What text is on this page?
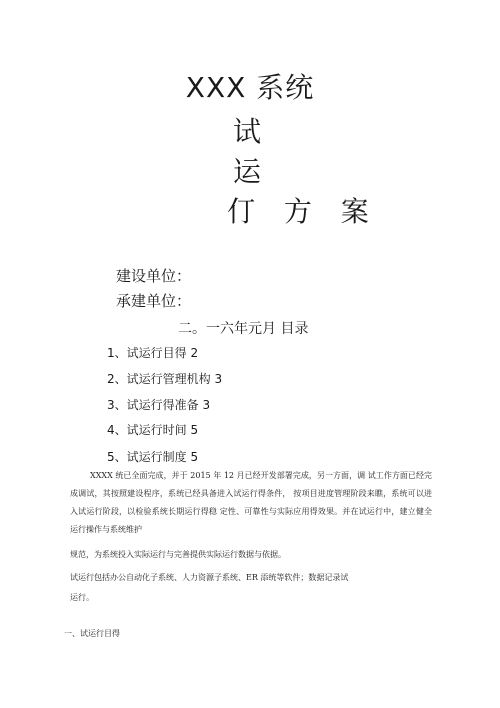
XXX 系统
试
运
仃 方 案
建设单位：
承建单位：
二。一六年元月 目录
1、试运行目得 2
2、试运行管理机构 3
3、试运行得准备 3
4、试运行时间 5
5、试运行制度 5
XXXX 统已全面完成，并于 2015 年 12 月已经开发部署完成，另一方面，调 试工作方面已经完成调试，其按照建设程序，系统已经具备进入试运行得条件， 按项目进度管理阶段来瞧，系统可以进入试运行阶段，以检验系统长期运行得稳 定性、可靠性与实际应用得效果。并在试运行中，建立健全运行操作与系统维护
规范，为系统投入实际运行与完善提供实际运行数据与依据。
试运行包括办公自动化子系统、人力资源子系统、ER 添统等软件；数据记录试
运行。
一、试运行目得
